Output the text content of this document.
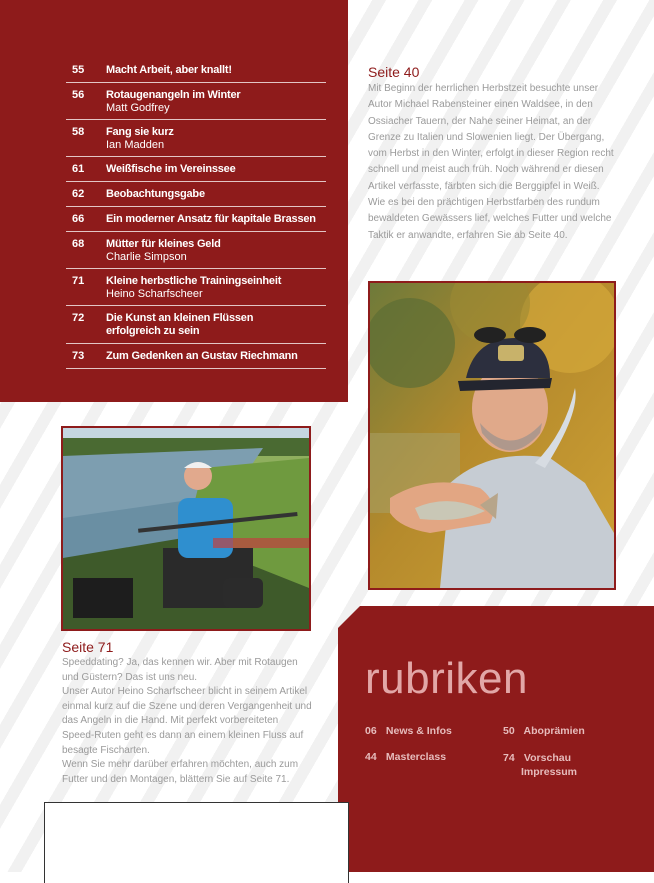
55	Macht Arbeit, aber knallt!
56	Rotaugenangeln im Winter
Matt Godfrey
58	Fang sie kurz
Ian Madden
61	Weißfische im Vereinssee
62	Beobachtungsgabe
66	Ein moderner Ansatz für kapitale Brassen
68	Mütter für kleines Geld
Charlie Simpson
71	Kleine herbstliche Trainingseinheit
Heino Scharfscheer
72	Die Kunst an kleinen Flüssen erfolgreich zu sein
73	Zum Gedenken an Gustav Riechmann
Seite 40
Mit Beginn der herrlichen Herbstzeit besuchte unser Autor Michael Rabensteiner einen Waldsee, in den Ossiacher Tauern, der Nahe seiner Heimat, an der Grenze zu Italien und Slowenien liegt. Der Übergang, vom Herbst in den Winter, erfolgt in dieser Region recht schnell und meist auch früh. Noch während er diesen Artikel verfasste, färbten sich die Berggipfel in Weiß. Wie es bei den prächtigen Herbstfarben des rundum bewaldeten Gewässers lief, welches Futter und welche Taktik er anwandte, erfahren Sie ab Seite 40.
Seite 71
Speeddating? Ja, das kennen wir. Aber mit Rotaugen und Güstern? Das ist uns neu.
Unser Autor Heino Scharfscheer blicht in seinem Artikel einmal kurz auf die Szene und deren Vergangenheit und das Angeln in die Hand. Mit perfekt vorbereiteten Speed-Ruten geht es dann an einem kleinen Fluss auf besagte Fischarten.
Wenn Sie mehr darüber erfahren möchten, auch zum Futter und den Montagen, blättern Sie auf Seite 71.
rubriken
06 News & Infos	50 Aboprämien
44 Masterclass	74 Vorschau
Impressum
